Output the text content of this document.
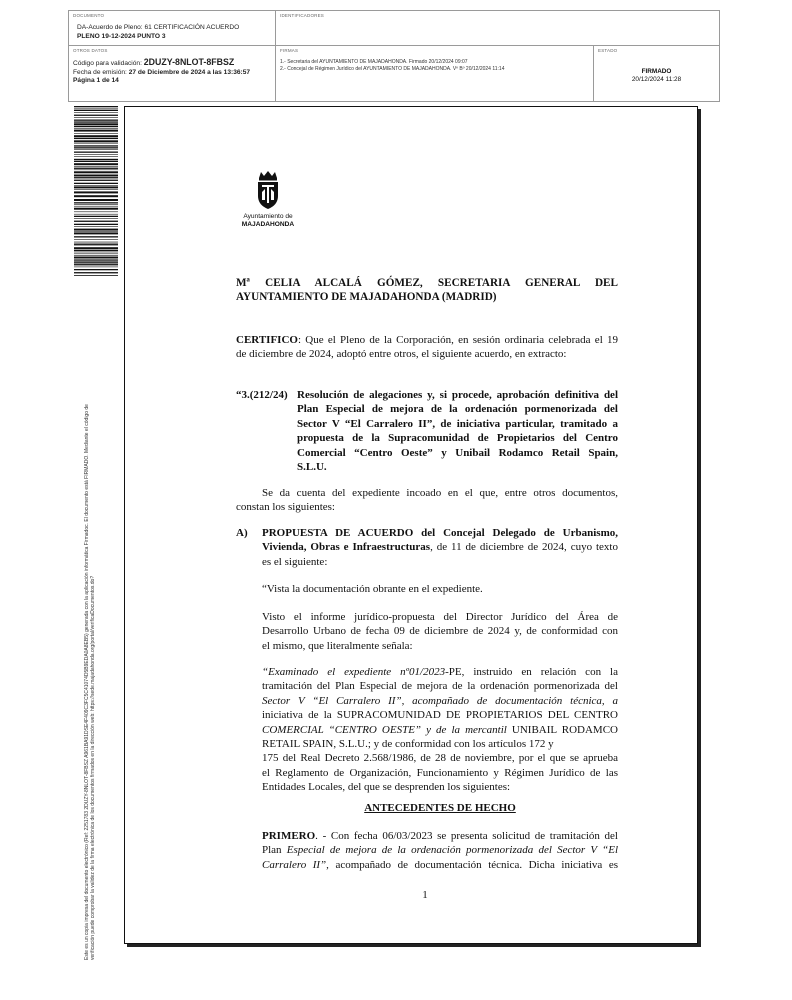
DOCUMENTO
DA-Acuerdo de Pleno: 61 CERTIFICACIÓN ACUERDO
PLENO 19-12-2024 PUNTO 3
IDENTIFICADORES
OTROS DATOS
Código para validación: 2DUZY-8NLOT-8FBSZ
Fecha de emisión: 27 de Diciembre de 2024 a las 13:36:57
Página 1 de 14
FIRMAS
1.- Secretaria del AYUNTAMIENTO DE MAJADAHONDA. Firmado 20/12/2024 09:07
2.- Concejal de Régimen Jurídico del AYUNTAMIENTO DE MAJADAHONDA. Vº Bº 20/12/2024 11:14
ESTADO
FIRMADO
20/12/2024 11:28
Este es un copia impresa del documento electrónico (Ref: 2251783 2DUZY-8NLOT-8FBSZ A961BA91DSE4F409C3FC5C41074D5B9EDA0A8EB5) generada con la aplicación informática Firmadoc. El documento está FIRMADO. Mediante el código de verificación puede comprobar la validez de la firma electrónica de los documentos firmados en la dirección web: https://sede.majadahonda.org/portal/verificaDocumentos.do?
Ayuntamiento de
MAJADAHONDA
Mª CELIA ALCALÁ GÓMEZ, SECRETARIA GENERAL DEL
AYUNTAMIENTO DE MAJADAHONDA (MADRID)
CERTIFICO: Que el Pleno de la Corporación, en sesión ordinaria celebrada el 19
de diciembre de 2024, adoptó entre otros, el siguiente acuerdo, en extracto:
“3.(212/24) Resolución de alegaciones y, si procede, aprobación definitiva del
Plan Especial de mejora de la ordenación pormenorizada del
Sector V “El Carralero II”, de iniciativa particular, tramitado a
propuesta de la Supracomunidad de Propietarios del Centro
Comercial “Centro Oeste” y Unibail Rodamco Retail Spain,
S.L.U.
Se da cuenta del expediente incoado en el que, entre otros documentos,
constan los siguientes:
A) PROPUESTA DE ACUERDO del Concejal Delegado de Urbanismo,
Vivienda, Obras e Infraestructuras, de 11 de diciembre de 2024, cuyo texto
es el siguiente:
“Vista la documentación obrante en el expediente.
Visto el informe jurídico-propuesta del Director Jurídico del Área de
Desarrollo Urbano de fecha 09 de diciembre de 2024 y, de conformidad con
el mismo, que literalmente señala:
“Examinado el expediente nº01/2023-PE, instruido en relación con la
tramitación del Plan Especial de mejora de la ordenación pormenorizada del
Sector V “El Carralero II”, acompañado de documentación técnica, a
iniciativa de la SUPRACOMUNIDAD DE PROPIETARIOS DEL CENTRO
COMERCIAL “CENTRO OESTE” y de la mercantil UNIBAIL RODAMCO
RETAIL SPAIN, S.L.U.; y de conformidad con los artículos 172 y
175 del Real Decreto 2.568/1986, de 28 de noviembre, por el que se aprueba
el Reglamento de Organización, Funcionamiento y Régimen Jurídico de las
Entidades Locales, del que se desprenden los siguientes:
ANTECEDENTES DE HECHO
PRIMERO. - Con fecha 06/03/2023 se presenta solicitud de tramitación del
Plan Especial de mejora de la ordenación pormenorizada del Sector V “El
Carralero II”, acompañado de documentación técnica. Dicha iniciativa es
1
